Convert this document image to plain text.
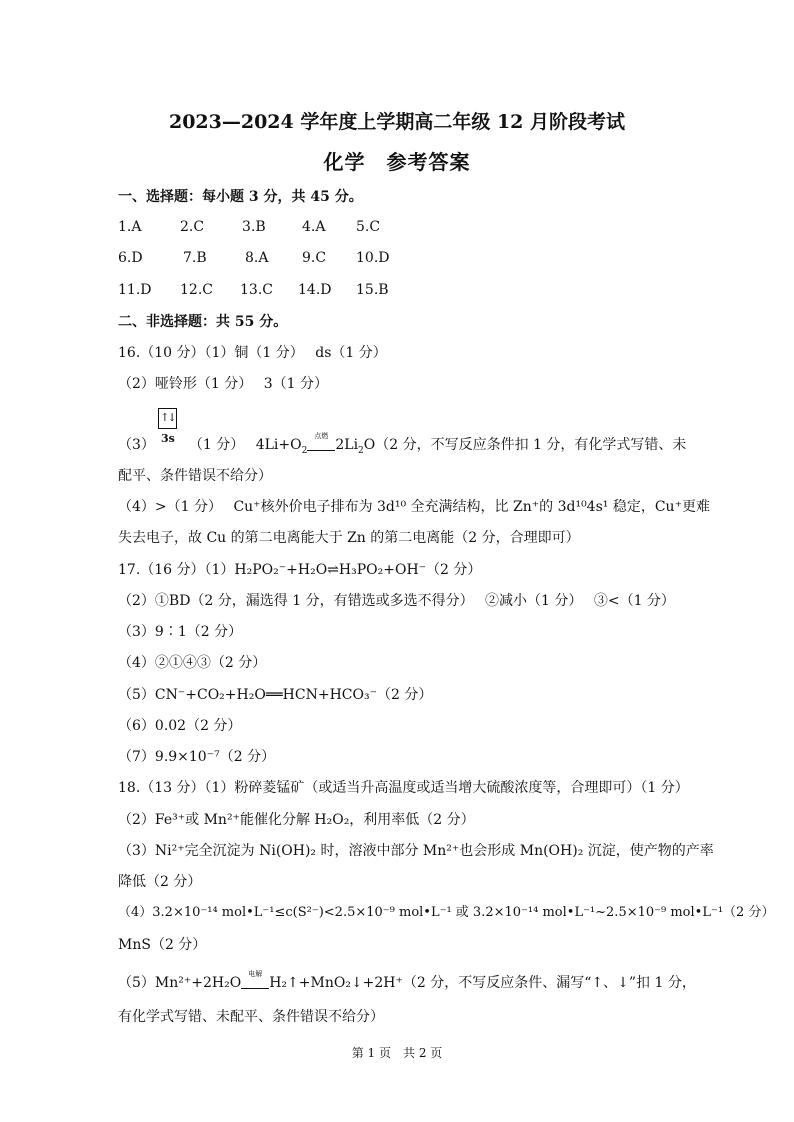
2023—2024 学年度上学期高二年级 12 月阶段考试
化学　参考答案
一、选择题：每小题 3 分，共 45 分。
1.A	2.C	3.B	4.A 5.C
6.D	7.B	8.A 9.C 10.D
11.D 12.C 13.C 14.D 15.B
二、非选择题：共 55 分。
16.（10 分）（1）铜（1 分）　 ds（1 分）
（2）哑铃形（1 分）　 3（1 分）
↑↓
3s
（3） （1 分）　 $4Li+O_2$
点燃
  $2Li_2O(2$ 分，不写反应条件扣 1 分，有化学式写错、未
配平、条件错误不给分）
（4）>（1 分）　 Cu⁺核外价电子排布为 3d¹⁰ 全充满结构，比 Zn⁺的 3d¹⁰4s¹ 稳定，Cu⁺更难
失去电子，故 Cu 的第二电离能大于 Zn 的第二电离能（2 分，合理即可）
17.（16 分）（1）H₂PO₂⁻+H₂O⇌H₃PO₂+OH⁻（2 分）
（2）①BD（2 分，漏选得 1 分，有错选或多选不得分）　 ②减小（1 分）　 ③<（1 分）
（3）9∶1（2 分）
（4）②①④③（2 分）
（5）CN⁻+CO₂+H₂O══HCN+HCO₃⁻（2 分）
（6）0.02（2 分）
（7）9.9×10⁻⁷（2 分）
18.（13 分）（1）粉碎菱锰矿（或适当升高温度或适当增大硫酸浓度等，合理即可）（1 分）
（2）Fe³⁺或 Mn²⁺能催化分解 H₂O₂，利用率低（2 分）
（3）Ni²⁺完全沉淀为 Ni(OH)₂ 时，溶液中部分 Mn²⁺也会形成 Mn(OH)₂ 沉淀，使产物的产率
降低（2 分）
（4）3.2×10⁻¹⁴ mol•L⁻¹≤c(S²⁻)<2.5×10⁻⁹ mol•L⁻¹ 或 3.2×10⁻¹⁴ mol•L⁻¹~2.5×10⁻⁹ mol•L⁻¹（2 分）
MnS（2 分）
（5）Mn²⁺+2H₂O
电解
  H₂↑+MnO₂↓+2H⁺（2 分，不写反应条件、漏写“↑、↓”扣 1 分，
有化学式写错、未配平、条件错误不给分）
第 1 页　共 2 页
